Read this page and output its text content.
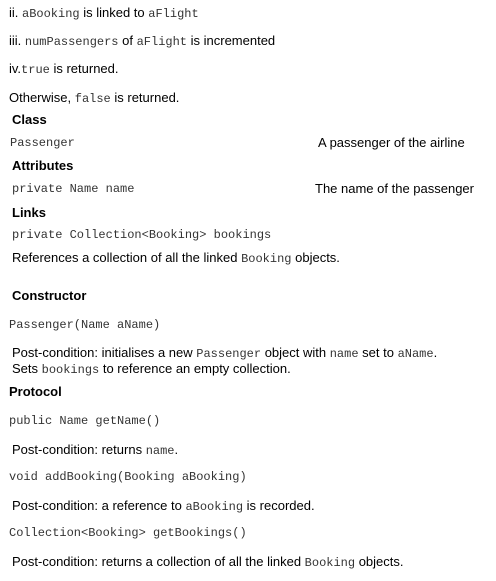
ii. aBooking is linked to aFlight
iii. numPassengers of aFlight is incremented
iv.true is returned.
Otherwise, false is returned.
Class
Passenger	A passenger of the airline
Attributes
private Name name	The name of the passenger
Links
private Collection<Booking> bookings
References a collection of all the linked Booking objects.
Constructor
Passenger(Name aName)
Post-condition: initialises a new Passenger object with name set to aName.
Sets bookings to reference an empty collection.
Protocol
public Name getName()
Post-condition: returns name.
void addBooking(Booking aBooking)
Post-condition: a reference to aBooking is recorded.
Collection<Booking> getBookings()
Post-condition: returns a collection of all the linked Booking objects.
